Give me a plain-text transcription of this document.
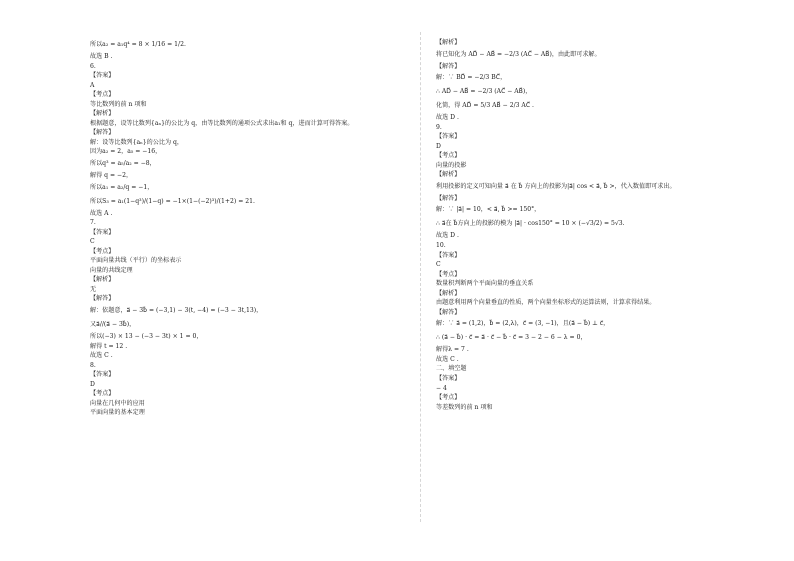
所以a₂ = a₁q⁴ = 8 × 1/16 = 1/2.
故选 B .
6.
【答案】
A
【考点】
等比数列的前 n 项和
【解析】
根据题意，设等比数列{aₙ}的公比为 q，由等比数列的通项公式求出a₁和 q，进而计算可得答案。
【解答】
解：设等比数列{aₙ}的公比为 q，
因为a₂ = 2，a₅ = −16，
所以q³ = a₅/a₂ = −8，
解得 q = −2，
所以a₁ = a₂/q = −1，
所以S₃ = a₁(1−q³)/(1−q) = −1×(1−(−2)³)/(1+2) = 21.
故选 A .
7.
【答案】
C
【考点】
平面向量共线（平行）的坐标表示
向量的共线定理
【解析】
无
【解答】
解：依题意，a⃗ − 3b⃗ = (−3,1) − 3(t, −4) = (−3 − 3t,13)，
又a⃗//(a⃗ − 3b⃗)，
所以(−3) × 13 − (−3 − 3t) × 1 = 0，
解得 t = 12 .
故选 C .
8.
【答案】
D
【考点】
向量在几何中的应用
平面向量的基本定理
【解析】
将已知化为 AD⃗ − AB⃗ = −2/3 (AC⃗ − AB⃗)，由此即可求解。
【解答】
解：∵ BD⃗ = −2/3 BC⃗，
∴ AD⃗ − AB⃗ = −2/3 (AC⃗ − AB⃗)，
化简，得 AD⃗ = 5/3 AB⃗ − 2/3 AC⃗ .
故选 D .
9.
【答案】
D
【考点】
向量的投影
【解析】
利用投影的定义可知向量 a⃗ 在 b⃗ 方向上的投影为|a⃗| cos < a⃗, b⃗ >，代入数值即可求出。
【解答】
解：∵ |a⃗| = 10，< a⃗, b⃗ >= 150°，
∴ a⃗在 b⃗方向上的投影的模为 |a⃗| · cos150° = 10 × (−√3/2) = 5√3.
故选 D .
10.
【答案】
C
【考点】
数量积判断两个平面向量的垂直关系
【解析】
由题意利用两个向量垂直的性质，两个向量坐标形式的运算法则，计算求得结果。
【解答】
解：∵ a⃗ = (1,2)，b⃗ = (2,λ)，c⃗ = (3, −1)，且(a⃗ − b⃗) ⊥ c⃗，
∴ (a⃗ − b⃗) · c⃗ = a⃗ · c⃗ − b⃗ · c⃗ = 3 − 2 − 6 − λ = 0，
解得λ = 7 .
故选 C .
二、填空题
【答案】
− 4
【考点】
等差数列的前 n 项和
